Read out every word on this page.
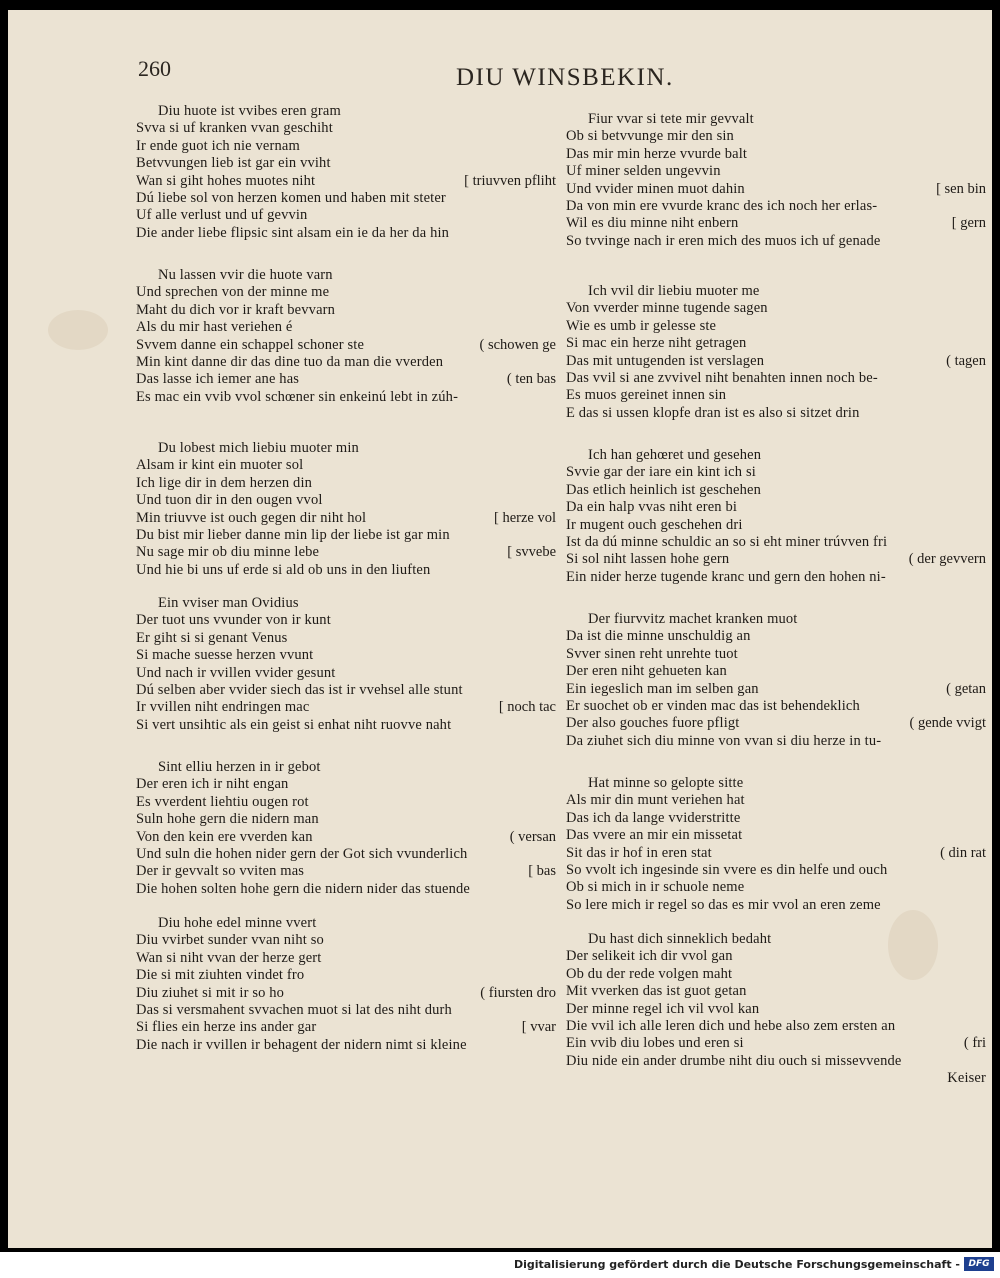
260	DIU WINSBEKIN.
Diu huote ist vvibes eren gram
Svva si uf kranken vvan geschiht
Ir ende guot ich nie vernam
Betvvungen lieb ist gar ein vviht
Wan si giht hohes muotes niht	[ triuvven pfliht
Dú liebe sol von herzen komen und haben mit steter
Uf alle verlust und uf gevvin
Die ander liebe flipsic sint alsam ein ie da her da hin
Nu lassen vvir die huote varn
Und sprechen von der minne me
Maht du dich vor ir kraft bevvarn
Als du mir hast veriehen é
Svvem danne ein schappel schoner ste	( schowen ge
Min kint danne dir das dine tuo da man die vverden
Das lasse ich iemer ane has	( ten bas
Es mac ein vvib vvol schœner sin enkeinú lebt in zúh-
Du lobest mich liebiu muoter min
Alsam ir kint ein muoter sol
Ich lige dir in dem herzen din
Und tuon dir in den ougen vvol
Min triuvve ist ouch gegen dir niht hol	[ herze vol
Du bist mir lieber danne min lip der liebe ist gar min
Nu sage mir ob diu minne lebe	[ svvebe
Und hie bi uns uf erde si ald ob uns in den liuften
Ein vviser man Ovidius
Der tuot uns vvunder von ir kunt
Er giht si si genant Venus
Si mache suesse herzen vvunt
Und nach ir vvillen vvider gesunt
Dú selben aber vvider siech das ist ir vvehsel alle stunt
Ir vvillen niht endringen mac	[ noch tac
Si vert unsihtic als ein geist si enhat niht ruovve naht
Sint elliu herzen in ir gebot
Der eren ich ir niht engan
Es vverdent liehtiu ougen rot
Suln hohe gern die nidern man
Von den kein ere vverden kan	( versan
Und suln die hohen nider gern der Got sich vvunderlich
Der ir gevvalt so vviten mas	[ bas
Die hohen solten hohe gern die nidern nider das stuende
Diu hohe edel minne vvert
Diu vvirbet sunder vvan niht so
Wan si niht vvan der herze gert
Die si mit ziuhten vindet fro
Diu ziuhet si mit ir so ho	( fiursten dro
Das si versmahent svvachen muot si lat des niht durh
Si flies ein herze ins ander gar	[ vvar
Die nach ir vvillen ir behagent der nidern nimt si kleine
Fiur vvar si tete mir gevvalt
Ob si betvvunge mir den sin
Das mir min herze vvurde balt
Uf miner selden ungevvin
Und vvider minen muot dahin	[ sen bin
Da von min ere vvurde kranc des ich noch her erlas-
Wil es diu minne niht enbern	[ gern
So tvvinge nach ir eren mich des muos ich uf genade
Ich vvil dir liebiu muoter me
Von vverder minne tugende sagen
Wie es umb ir gelesse ste
Si mac ein herze niht getragen
Das mit untugenden ist verslagen	( tagen
Das vvil si ane zvvivel niht benahten innen noch be-
Es muos gereinet innen sin
E das si ussen klopfe dran ist es also si sitzet drin
Ich han gehœret und gesehen
Svvie gar der iare ein kint ich si
Das etlich heinlich ist geschehen
Da ein halp vvas niht eren bi
Ir mugent ouch geschehen dri
Ist da dú minne schuldic an so si eht miner trúvven fri
Si sol niht lassen hohe gern	( der gevvern
Ein nider herze tugende kranc und gern den hohen ni-
Der fiurvvitz machet kranken muot
Da ist die minne unschuldig an
Svver sinen reht unrehte tuot
Der eren niht gehueten kan
Ein iegeslich man im selben gan	( getan
Er suochet ob er vinden mac das ist behendeklich
Der also gouches fuore pfligt	( gende vvigt
Da ziuhet sich diu minne von vvan si diu herze in tu-
Hat minne so gelopte sitte
Als mir din munt veriehen hat
Das ich da lange vviderstritte
Das vvere an mir ein missetat
Sit das ir hof in eren stat	( din rat
So vvolt ich ingesinde sin vvere es din helfe und ouch
Ob si mich in ir schuole neme
So lere mich ir regel so das es mir vvol an eren zeme
Du hast dich sinneklich bedaht
Der selikeit ich dir vvol gan
Ob du der rede volgen maht
Mit vverken das ist guot getan
Der minne regel ich vil vvol kan
Die vvil ich alle leren dich und hebe also zem ersten an
Ein vvib diu lobes und eren si	( fri
Diu nide ein ander drumbe niht diu ouch si missevvende
Keiser
Digitalisierung gefördert durch die Deutsche Forschungsgemeinschaft - DFG
